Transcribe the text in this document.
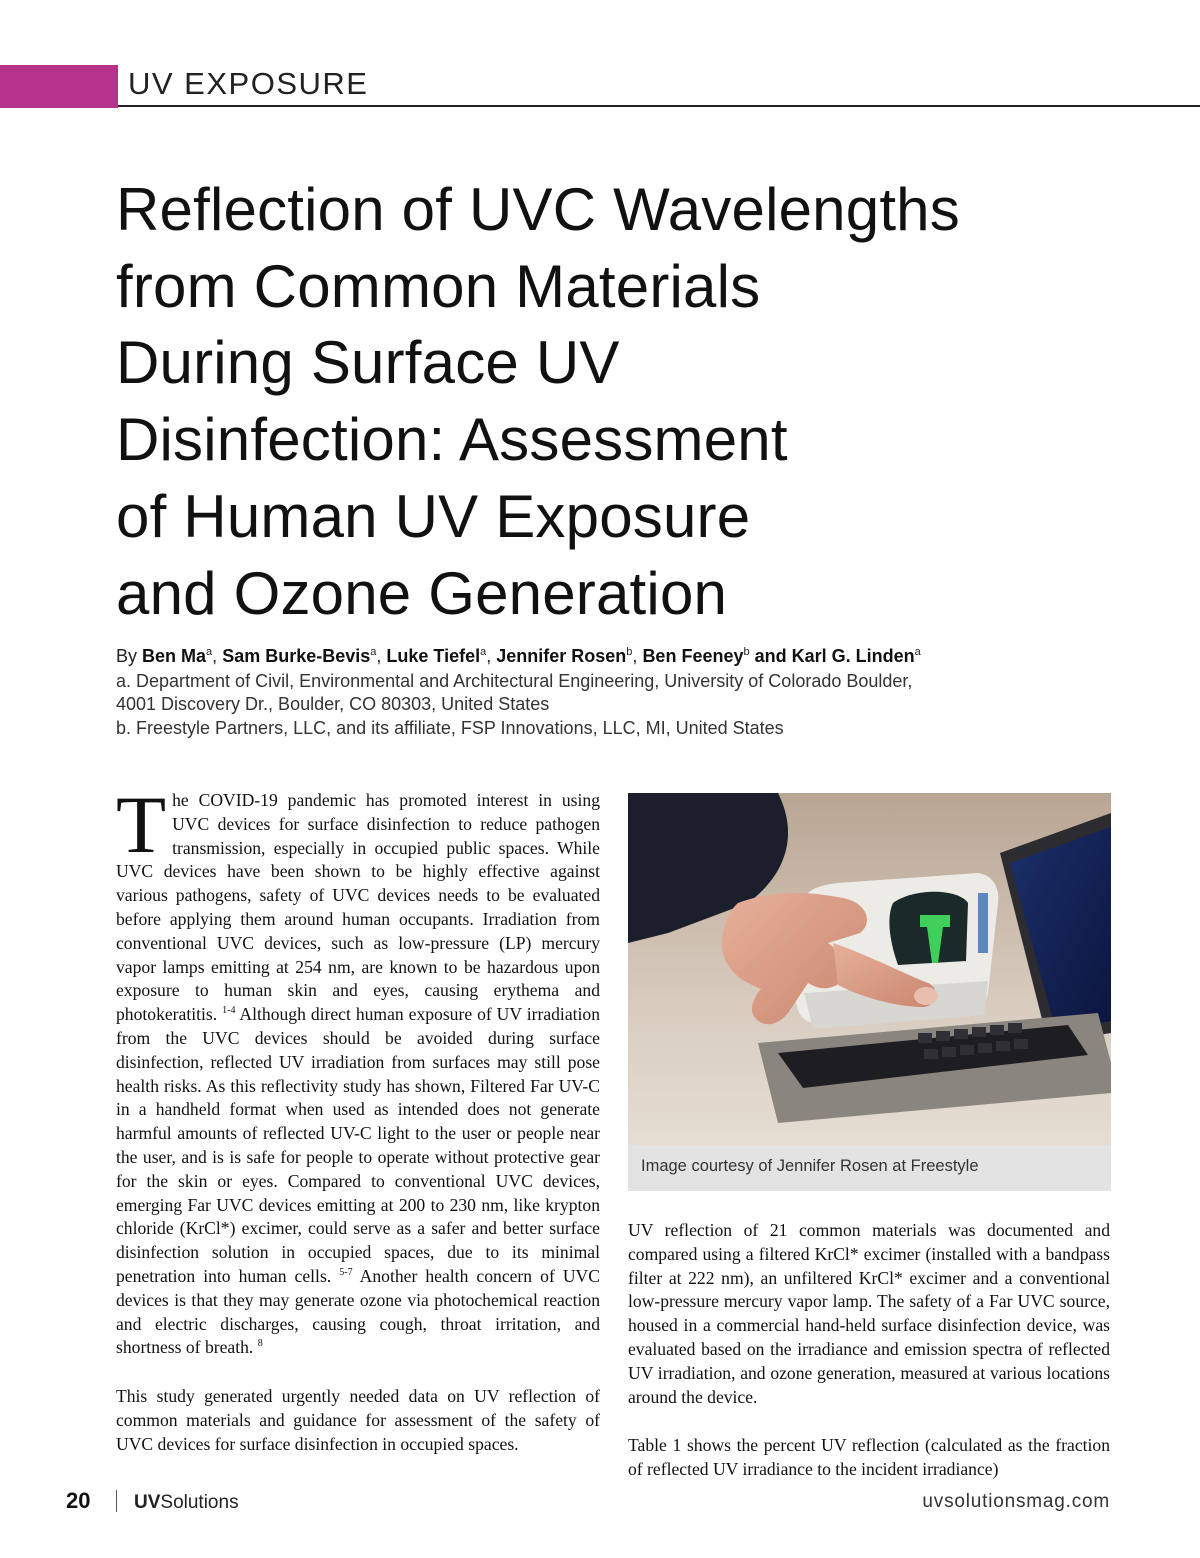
UV EXPOSURE
Reflection of UVC Wavelengths
from Common Materials
During Surface UV
Disinfection: Assessment
of Human UV Exposure
and Ozone Generation
By Ben Ma$^a$, Sam Burke-Bevis$^a$, Luke Tiefel$^a$, Jennifer Rosen$^b$, Ben Feeney$^b$ and Karl G. Linden$^a$
a. Department of Civil, Environmental and Architectural Engineering, University of Colorado Boulder,
4001 Discovery Dr., Boulder, CO 80303, United States
b. Freestyle Partners, LLC, and its affiliate, FSP Innovations, LLC, MI, United States

The COVID-19 pandemic has promoted interest in using UVC devices for surface disinfection to reduce pathogen transmission, especially in occupied public spaces. While UVC devices have been shown to be highly effective against various pathogens, safety of UVC devices needs to be evaluated before applying them around human occupants. Irradiation from conventional UVC devices, such as low-pressure (LP) mercury vapor lamps emitting at 254 nm, are known to be hazardous upon exposure to human skin and eyes, causing erythema and photokeratitis. $^{1-4}$ Although direct human exposure of UV irradiation from the UVC devices should be avoided during surface disinfection, reflected UV irradiation from surfaces may still pose health risks. As this reflectivity study has shown, Filtered Far UV-C in a handheld format when used as intended does not generate harmful amounts of reflected UV-C light to the user or people near the user, and is is safe for people to operate without protective gear for the skin or eyes. Compared to conventional UVC devices, emerging Far UVC devices emitting at 200 to 230 nm, like krypton chloride (KrCl*) excimer, could serve as a safer and better surface disinfection solution in occupied spaces, due to its minimal penetration into human cells. $^{5-7}$ Another health concern of UVC devices is that they may generate ozone via photochemical reaction and electric discharges, causing cough, throat irritation, and shortness of breath. $^8$

This study generated urgently needed data on UV reflection of common materials and guidance for assessment of the safety of UVC devices for surface disinfection in occupied spaces.

Image courtesy of Jennifer Rosen at Freestyle

UV reflection of 21 common materials was documented and compared using a filtered KrCl* excimer (installed with a bandpass filter at 222 nm), an unfiltered KrCl* excimer and a conventional low-pressure mercury vapor lamp. The safety of a Far UVC source, housed in a commercial hand-held surface disinfection device, was evaluated based on the irradiance and emission spectra of reflected UV irradiation, and ozone generation, measured at various locations around the device.

Table 1 shows the percent UV reflection (calculated as the fraction of reflected UV irradiance to the incident irradiance)

20 UVSolutions	uvsolutionsmag.com
